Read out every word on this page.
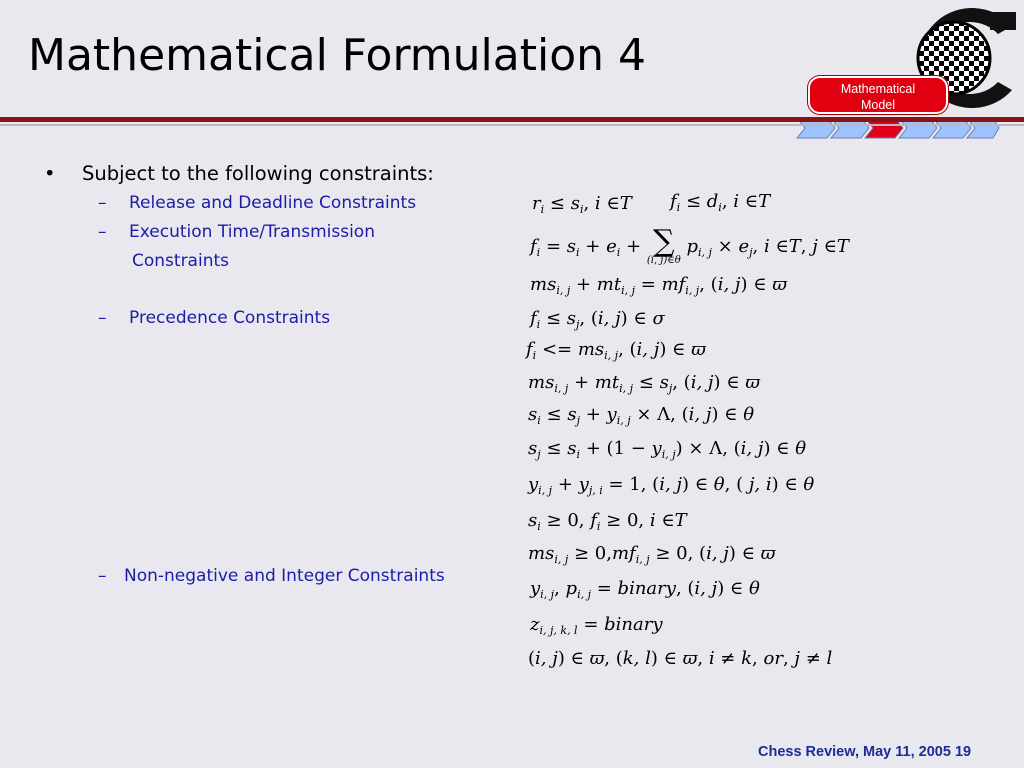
Mathematical Formulation 4
Mathematical
Model
• Subject to the following constraints:
– Release and Deadline Constraints
– Execution Time/Transmission
Constraints
– Precedence Constraints
– Non-negative and Integer Constraints
$r_i \le s_i$, i ∈T $f_i \le d_i$, i ∈T
$f_i = s_i + e_i$ + ∑
(i, j)∈θ
$p_{i, j} \times e_j$, i ∈T, j ∈T
$ms_{i, j} + mt_{i, j} = mf_{i, j}$, (i, j) ∈ ϖ
$f_i \le s_j$, (i, j) ∈ σ
$f_i <= ms_{i, j}$, (i, j) ∈ ϖ
$ms_{i, j} + mt_{i, j} \le s_j$, (i, j) ∈ ϖ
$s_i \le s_j + y_{i, j} \times \Lambda$, (i, j) ∈ θ
$s_j \le s_i + (1 - y_{i, j}) \times \Lambda$, (i, j) ∈ θ
$y_{i, j} + y_{j, i} = 1$, (i, j) ∈ θ, ( j, i) ∈ θ
$s_i \ge 0$, $f_i \ge 0$, i ∈T
$ms_{i, j} \ge 0,mf_{i, j} \ge 0$, (i, j) ∈ ϖ
$y_{i, j}$, $p_{i, j}$ = binary, (i, j) ∈ θ
$z_{i, j, k, l}$ = binary
(i, j) ∈ ϖ, (k, l) ∈ ϖ, i ≠ k, or, j ≠ l
Chess Review, May 11, 2005 19
